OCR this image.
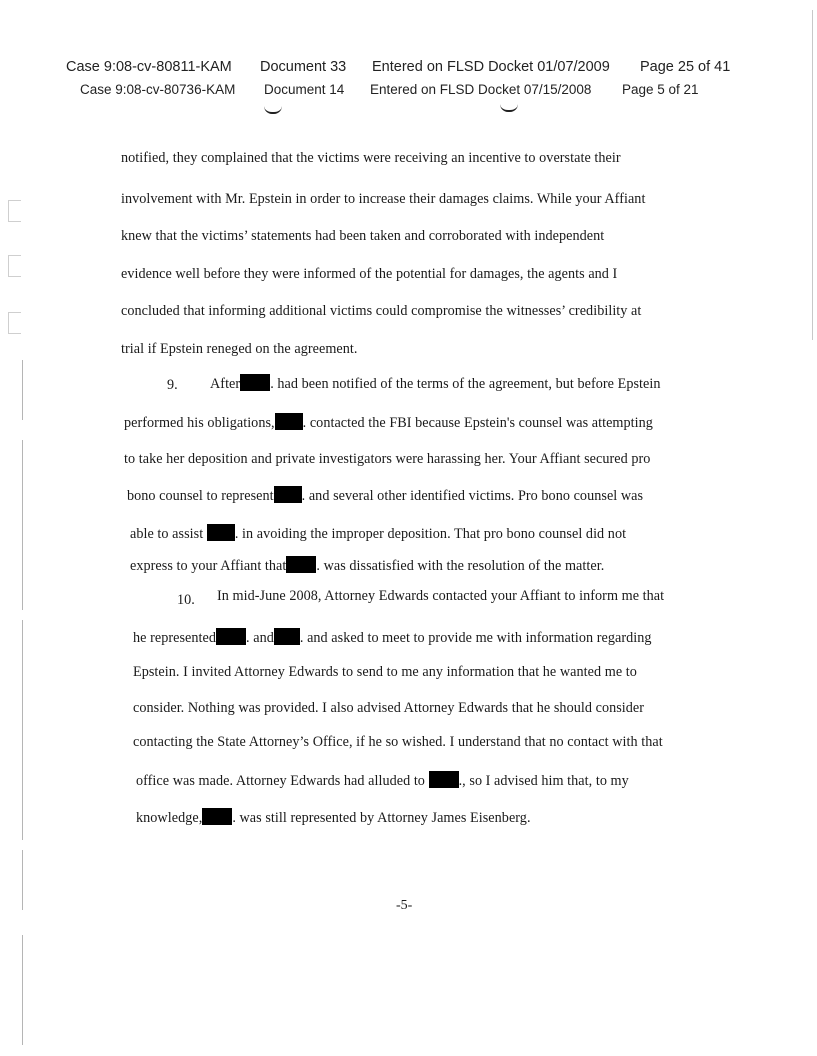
Case 9:08-cv-80811-KAM Document 33 Entered on FLSD Docket 01/07/2009 Page 25 of 41
Case 9:08-cv-80736-KAM Document 14 Entered on FLSD Docket 07/15/2008 Page 5 of 21
notified, they complained that the victims were receiving an incentive to overstate their
involvement with Mr. Epstein in order to increase their damages claims. While your Affiant
knew that the victims’ statements had been taken and corroborated with independent
evidence well before they were informed of the potential for damages, the agents and I
concluded that informing additional victims could compromise the witnesses’ credibility at
trial if Epstein reneged on the agreement.
9. After . had been notified of the terms of the agreement, but before Epstein
performed his obligations, . contacted the FBI because Epstein's counsel was attempting
to take her deposition and private investigators were harassing her. Your Affiant secured pro
bono counsel to represent . and several other identified victims. Pro bono counsel was
able to assist . in avoiding the improper deposition. That pro bono counsel did not
express to your Affiant that . was dissatisfied with the resolution of the matter.
10. In mid-June 2008, Attorney Edwards contacted your Affiant to inform me that
he represented . and . and asked to meet to provide me with information regarding
Epstein. I invited Attorney Edwards to send to me any information that he wanted me to
consider. Nothing was provided. I also advised Attorney Edwards that he should consider
contacting the State Attorney’s Office, if he so wished. I understand that no contact with that
office was made. Attorney Edwards had alluded to ., so I advised him that, to my
knowledge, . was still represented by Attorney James Eisenberg.
-5-
